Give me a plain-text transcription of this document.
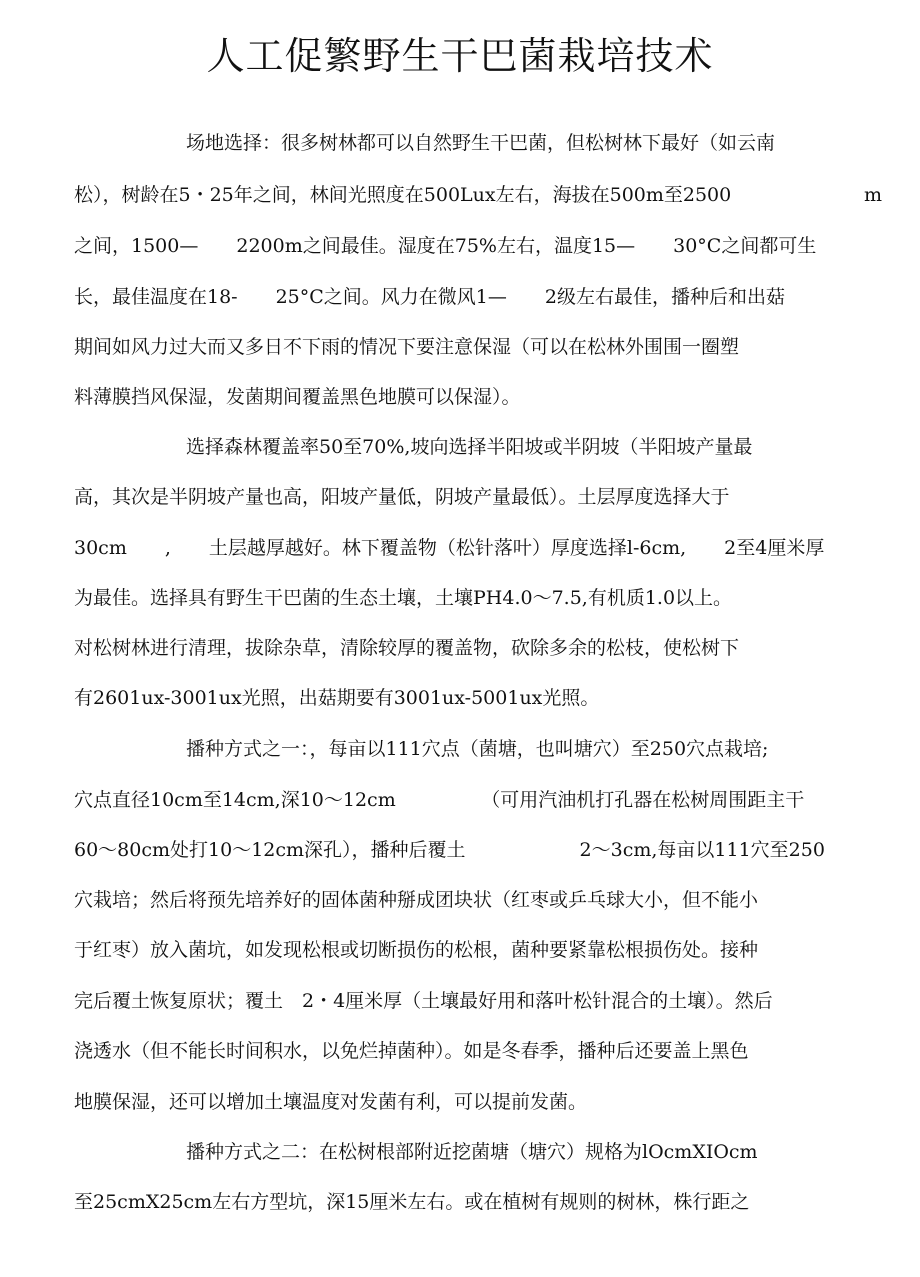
人工促繁野生干巴菌栽培技术
场地选择：很多树林都可以自然野生干巴菌，但松树林下最好（如云南
松），树龄在5・25年之间，林间光照度在500Lux左右，海拔在500m至2500	m
之间，1500—　　2200m之间最佳。湿度在75%左右，温度15—　　30°C之间都可生
长，最佳温度在18-　　25°C之间。风力在微风1—　　2级左右最佳，播种后和出菇
期间如风力过大而又多日不下雨的情况下要注意保湿（可以在松林外围围一圈塑
料薄膜挡风保湿，发菌期间覆盖黑色地膜可以保湿）。
选择森林覆盖率50至70%,坡向选择半阳坡或半阴坡（半阳坡产量最
高，其次是半阴坡产量也高，阳坡产量低，阴坡产量最低）。土层厚度选择大于
30cm　　,　　土层越厚越好。林下覆盖物（松针落叶）厚度选择l-6cm,　　2至4厘米厚
为最佳。选择具有野生干巴菌的生态土壤，土壤PH4.0～7.5,有机质1.0以上。
对松树林进行清理，拔除杂草，清除较厚的覆盖物，砍除多余的松枝，使松树下
有2601ux-3001ux光照，出菇期要有3001ux-5001ux光照。
播种方式之一：，每亩以111穴点（菌塘，也叫塘穴）至250穴点栽培;
穴点直径10cm至14cm,深10～12cm　　　　　（可用汽油机打孔器在松树周围距主干
60～80cm处打10～12cm深孔），播种后覆土　　　　　　2～3cm,每亩以111穴至250
穴栽培；然后将预先培养好的固体菌种掰成团块状（红枣或乒乓球大小，但不能小
于红枣）放入菌坑，如发现松根或切断损伤的松根，菌种要紧靠松根损伤处。接种
完后覆土恢复原状；覆土　2・4厘米厚（土壤最好用和落叶松针混合的土壤）。然后
浇透水（但不能长时间积水，以免烂掉菌种）。如是冬春季，播种后还要盖上黑色
地膜保湿，还可以增加土壤温度对发菌有利，可以提前发菌。
播种方式之二：在松树根部附近挖菌塘（塘穴）规格为lOcmXIOcm
至25cmX25cm左右方型坑，深15厘米左右。或在植树有规则的树林，株行距之
